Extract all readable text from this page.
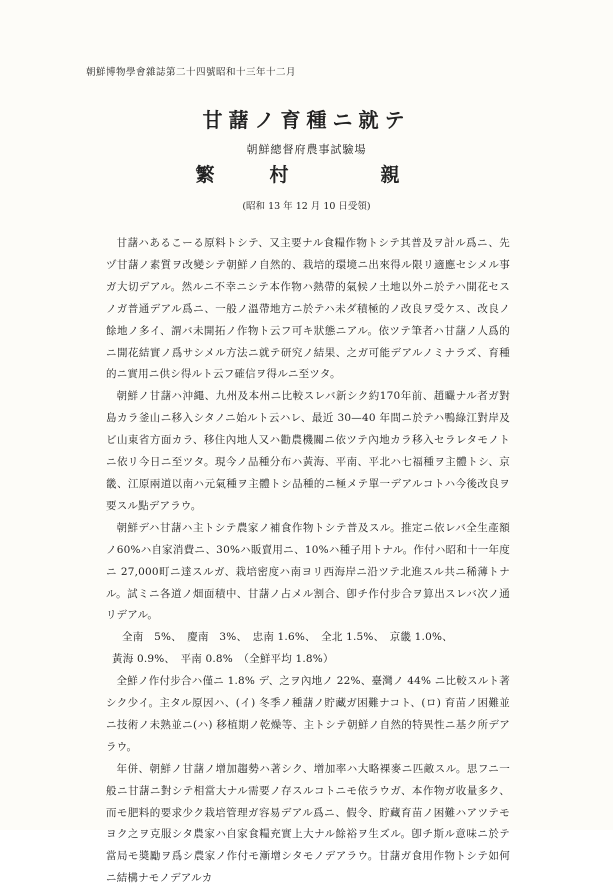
朝鮮博物學會雜誌第二十四號昭和十三年十二月
甘藷ノ育種ニ就テ
朝鮮總督府農事試驗場
繁　村　　親
(昭和 13 年 12 月 10 日受領)

甘藷ハあるこーる原料トシテ、又主要ナル食糧作物トシテ其普及ヲ計ル爲ニ、先ヅ甘藷ノ素質ヲ改變シテ朝鮮ノ自然的、栽培的環境ニ出來得ル限リ適應セシメル事ガ大切デアル。然ルニ不幸ニシテ本作物ハ熱帶的氣候ノ土地以外ニ於テハ開花セスノガ普通デアル爲ニ、一般ノ溫帶地方ニ於テハ未ダ積極的ノ改良ヲ受ケス、改良ノ餘地ノ多イ、謂バ未開拓ノ作物ト云フ可キ狀態ニアル。依ツテ筆者ハ甘藷ノ人爲的ニ開花結實ノ爲サシメル方法ニ就テ研究ノ結果、之ガ可能デアルノミナラズ、育種的ニ實用ニ供シ得ルト云フ確信ヲ得ルニ至ツタ。

朝鮮ノ甘藷ハ沖繩、九州及本州ニ比較スレバ新シク約170年前、趙曮ナル者ガ對島カラ釜山ニ移入シタノニ始ルト云ハレ、最近 30—40 年間ニ於テハ鴨綠江對岸及ビ山東省方面カラ、移住內地人又ハ勸農機關ニ依ツテ內地カラ移入セラレタモノトニ依リ今日ニ至ツタ。現今ノ品種分布ハ黃海、平南、平北ハ七福種ヲ主體トシ、京畿、江原兩道以南ハ元氣種ヲ主體トシ品種的ニ極メテ單一デアルコトハ今後改良ヲ要スル點デアラウ。

朝鮮デハ甘藷ハ主トシテ農家ノ補食作物トシテ普及スル。推定ニ依レバ全生產額ノ60%ハ自家消費ニ、30%ハ販賣用ニ、10%ハ種子用トナル。作付ハ昭和十一年度ニ 27,000町ニ達スルガ、栽培密度ハ南ヨリ西海岸ニ沿ツテ北進スル共ニ稀薄トナル。試ミニ各道ノ畑面積中、甘藷ノ占メル割合、卽チ作付步合ヲ算出スレバ次ノ通リデアル。

全南　5%、　慶南　3%、　忠南 1.6%、　全北 1.5%、　京畿 1.0%、

黃海 0.9%、　平南 0.8%　（全鮮平均 1.8%）

全鮮ノ作付步合ハ僅ニ 1.8% デ、之ヲ內地ノ 22%、臺灣ノ 44% ニ比較スルト著シク少イ。主タル原因ハ、(イ) 冬季ノ種藷ノ貯藏ガ困難ナコト、(ロ) 育苗ノ困難並ニ技術ノ未熟並ニ(ハ) 移植期ノ乾燥等、主トシテ朝鮮ノ自然的特異性ニ基ク所デアラウ。

年併、朝鮮ノ甘藷ノ增加趨勢ハ著シク、增加率ハ大略裸麥ニ匹敵スル。思フニ一般ニ甘藷ニ對シテ相當大ナル需要ノ存スルコトニモ依ラウガ、本作物ガ收量多ク、而モ肥料的要求少ク栽培管理ガ容易デアル爲ニ、假令、貯藏育苗ノ困難ハアツテモヨク之ヲ克服シタ農家ハ自家食糧充實上大ナル餘裕ヲ生ズル。卽チ斯ル意味ニ於テ當局モ奬勵ヲ爲シ農家ノ作付モ漸增シタモノデアラウ。甘藷ガ食用作物トシテ如何ニ結構ナモノデアルカ
